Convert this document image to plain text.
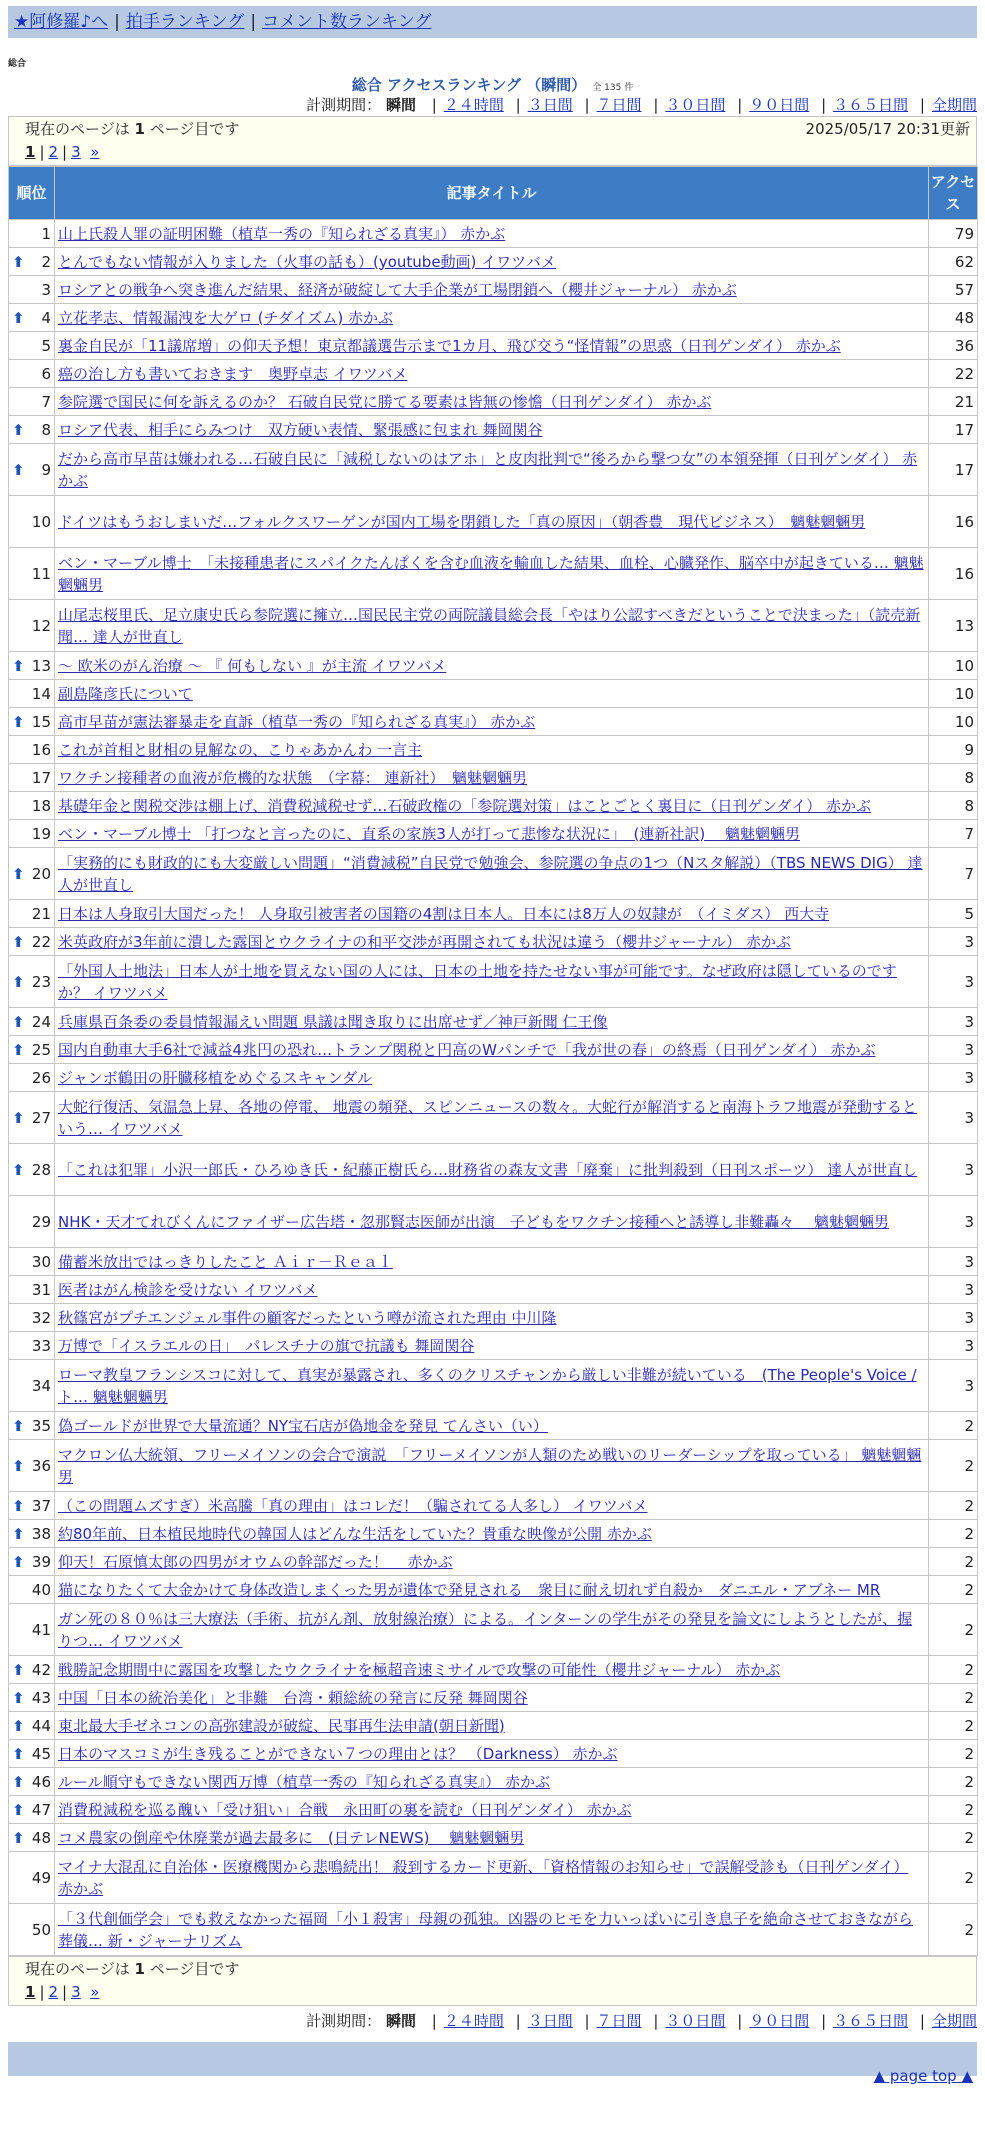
★阿修羅♪へ | 拍手ランキング | コメント数ランキング
総合
総合 アクセスランキング （瞬間） 全 135 件
計測期間： 瞬間 | ２４時間 | ３日間 | ７日間 | ３０日間 | ９０日間 | ３６５日間 | 全期間
現在のページは 1 ページ目です	2025/05/17 20:31更新
1 | 2 | 3 »
順位	記事タイトル	アクセス
1	山上氏殺人罪の証明困難（植草一秀の『知られざる真実』） 赤かぶ	79

⬆ 2	とんでもない情報が入りました（火事の話も）(youtube動画) イワツバメ	62
3	ロシアとの戦争へ突き進んだ結果、経済が破綻して大手企業が工場閉鎖へ（櫻井ジャーナル） 赤かぶ	57

⬆ 4	立花孝志、情報漏洩を大ゲロ (チダイズム) 赤かぶ	48
5	裏金自民が「11議席増」の仰天予想！東京都議選告示まで1カ月、飛び交う“怪情報”の思惑（日刊ゲンダイ） 赤かぶ	36
6	癌の治し方も書いておきます　奥野卓志 イワツバメ	22
7	参院選で国民に何を訴えるのか？ 石破自民党に勝てる要素は皆無の惨憺（日刊ゲンダイ） 赤かぶ	21

⬆ 8	ロシア代表、相手にらみつけ　双方硬い表情、緊張感に包まれ 舞岡関谷	17

⬆ 9	だから高市早苗は嫌われる…石破自民に「減税しないのはアホ」と皮肉批判で“後ろから撃つ女”の本領発揮（日刊ゲンダイ） 赤かぶ	17
10	ドイツはもうおしまいだ…フォルクスワーゲンが国内工場を閉鎖した「真の原因」（朝香豊　現代ビジネス）　魑魅魍魎男	16
11	ベン・マーブル博士　「未接種患者にスパイクたんぱくを含む血液を輸血した結果、血栓、心臓発作、脳卒中が起きている… 魑魅魍魎男	16
12	山尾志桜里氏、足立康史氏ら参院選に擁立…国民民主党の両院議員総会長「やはり公認すべきだということで決まった」（読売新聞… 達人が世直し	13

⬆ 13	～ 欧米のがん治療 ～ 『 何もしない 』が主流 イワツバメ	10
14	副島隆彦氏について	10

⬆ 15	高市早苗が憲法審暴走を直訴（植草一秀の『知られざる真実』） 赤かぶ	10
16	これが首相と財相の見解なの、こりゃあかんわ 一言主	9
17	ワクチン接種者の血液が危機的な状態　（字幕： 連新社）　魑魅魍魎男	8
18	基礎年金と関税交渉は棚上げ、消費税減税せず…石破政権の「参院選対策」はことごとく裏目に（日刊ゲンダイ） 赤かぶ	8
19	ベン・マーブル博士 「打つなと言ったのに、直系の家族3人が打って悲惨な状況に」　(連新社訳)　 魑魅魍魎男	7

⬆ 20	「実務的にも財政的にも大変厳しい問題」“消費減税”自民党で勉強会、参院選の争点の1つ（Nスタ解説）（TBS NEWS DIG） 達人が世直し	7
21	日本は人身取引大国だった！ 人身取引被害者の国籍の4割は日本人。日本には8万人の奴隷が　（イミダス） 西大寺	5

⬆ 22	米英政府が3年前に潰した露国とウクライナの和平交渉が再開されても状況は違う（櫻井ジャーナル） 赤かぶ	3

⬆ 23	「外国人土地法」日本人が土地を買えない国の人には、日本の土地を持たせない事が可能です。なぜ政府は隠しているのですか？ イワツバメ	3

⬆ 24	兵庫県百条委の委員情報漏えい問題 県議は聞き取りに出席せず／神戸新聞 仁王像	3

⬆ 25	国内自動車大手6社で減益4兆円の恐れ…トランプ関税と円高のWパンチで「我が世の春」の終焉（日刊ゲンダイ） 赤かぶ	3
26	ジャンボ鶴田の肝臓移植をめぐるスキャンダル	3

⬆ 27	大蛇行復活、気温急上昇、各地の停電、 地震の頻発、スピンニュースの数々。大蛇行が解消すると南海トラフ地震が発動するという… イワツバメ	3

⬆ 28	「これは犯罪」小沢一郎氏・ひろゆき氏・紀藤正樹氏ら…財務省の森友文書「廃棄」に批判殺到（日刊スポーツ） 達人が世直し	3
29	NHK・天才てれびくんにファイザー広告塔・忽那賢志医師が出演　子どもをワクチン接種へと誘導し非難轟々　 魑魅魍魎男	3
30	備蓄米放出ではっきりしたこと Ａｉｒ－Ｒｅａｌ	3
31	医者はがん検診を受けない イワツバメ	3
32	秋篠宮がプチエンジェル事件の顧客だったという噂が流された理由 中川隆	3
33	万博で「イスラエルの日」　パレスチナの旗で抗議も 舞岡関谷	3
34	ローマ教皇フランシスコに対して、真実が暴露され、多くのクリスチャンから厳しい非難が続いている　(The People's Voice / ト… 魑魅魍魎男	3

⬆ 35	偽ゴールドが世界で大量流通？NY宝石店が偽地金を発見 てんさい（い）	2

⬆ 36	マクロン仏大統領、フリーメイソンの会合で演説　「フリーメイソンが人類のため戦いのリーダーシップを取っている」 魑魅魍魎男	2

⬆ 37	（この問題ムズすぎ）米高騰「真の理由」はコレだ！（騙されてる人多し） イワツバメ	2

⬆ 38	約80年前、日本植民地時代の韓国人はどんな生活をしていた？貴重な映像が公開 赤かぶ	2

⬆ 39	仰天！石原慎太郎の四男がオウムの幹部だった！　 赤かぶ	2
40	猫になりたくて大金かけて身体改造しまくった男が遺体で発見される　衆目に耐え切れず自殺か　ダニエル・アブネー MR	2
41	ガン死の８０％は三大療法（手術、抗がん剤、放射線治療）による。インターンの学生がその発見を論文にしようとしたが、握りつ… イワツバメ	2

⬆ 42	戦勝記念期間中に露国を攻撃したウクライナを極超音速ミサイルで攻撃の可能性（櫻井ジャーナル） 赤かぶ	2

⬆ 43	中国「日本の統治美化」と非難　台湾・頼総統の発言に反発 舞岡関谷	2

⬆ 44	東北最大手ゼネコンの高弥建設が破綻、民事再生法申請(朝日新聞)	2

⬆ 45	日本のマスコミが生き残ることができない７つの理由とは？ （Darkness） 赤かぶ	2

⬆ 46	ルール順守もできない関西万博（植草一秀の『知られざる真実』） 赤かぶ	2

⬆ 47	消費税減税を巡る醜い「受け狙い」合戦　永田町の裏を読む（日刊ゲンダイ） 赤かぶ	2

⬆ 48	コメ農家の倒産や休廃業が過去最多に　(日テレNEWS)　 魑魅魍魎男	2
49	マイナ大混乱に自治体・医療機関から悲鳴続出！ 殺到するカード更新、「資格情報のお知らせ」で誤解受診も（日刊ゲンダイ） 赤かぶ	2
50	「３代創価学会」でも救えなかった福岡「小１殺害」母親の孤独。凶器のヒモを力いっぱいに引き息子を絶命させておきながら葬儀… 新・ジャーナリズム	2
現在のページは 1 ページ目です
1 | 2 | 3 »
計測期間： 瞬間 | ２４時間 | ３日間 | ７日間 | ３０日間 | ９０日間 | ３６５日間 | 全期間
▲ page top ▲
